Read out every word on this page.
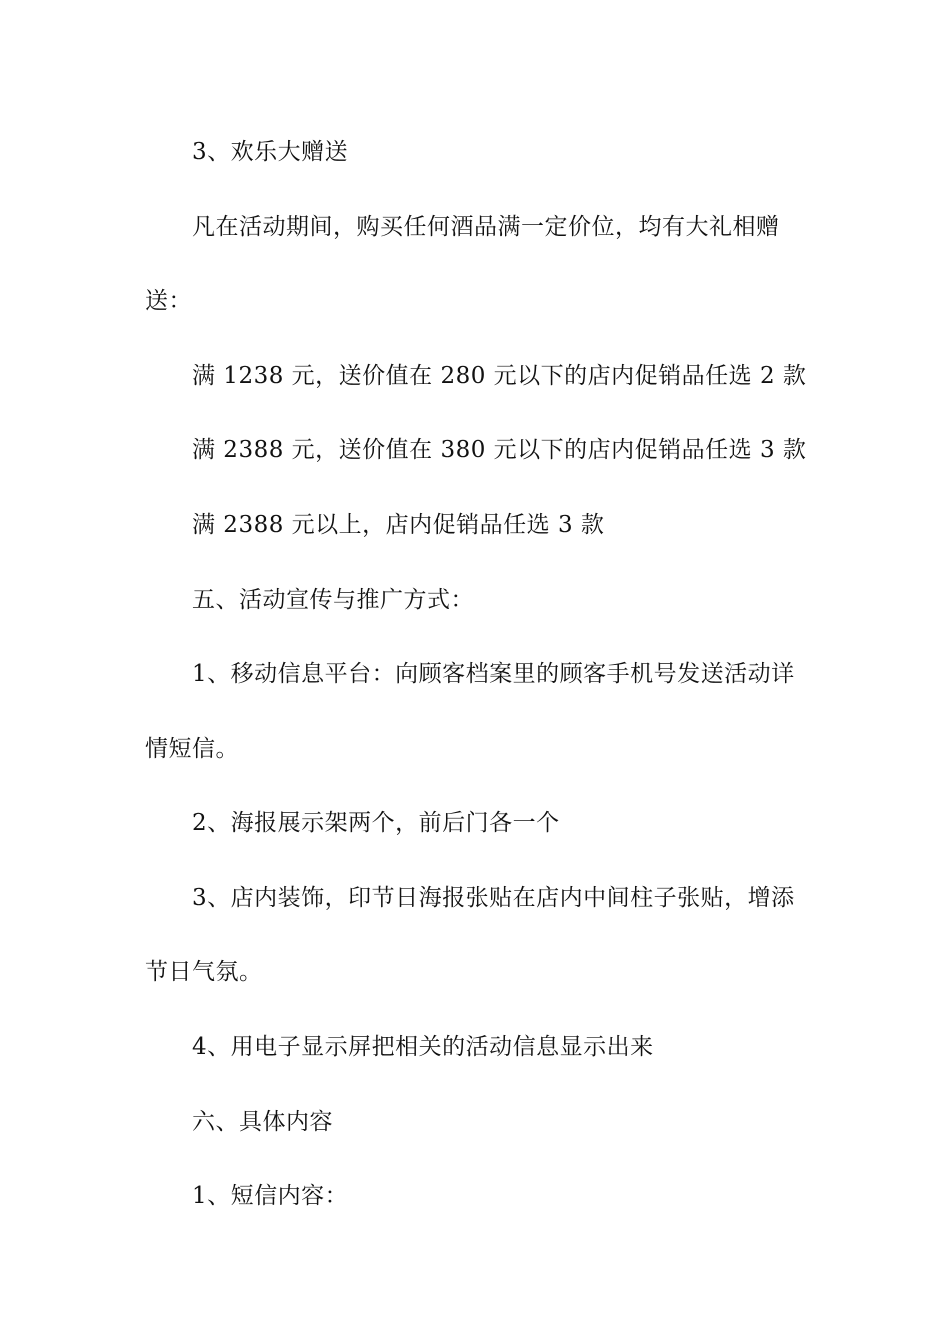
3、欢乐大赠送
凡在活动期间，购买任何酒品满一定价位，均有大礼相赠
送：
满 1238 元，送价值在 280 元以下的店内促销品任选 2 款
满 2388 元，送价值在 380 元以下的店内促销品任选 3 款
满 2388 元以上，店内促销品任选 3 款
五、活动宣传与推广方式：
1、移动信息平台：向顾客档案里的顾客手机号发送活动详
情短信。
2、海报展示架两个，前后门各一个
3、店内装饰，印节日海报张贴在店内中间柱子张贴，增添
节日气氛。
4、用电子显示屏把相关的活动信息显示出来
六、具体内容
1、短信内容：
